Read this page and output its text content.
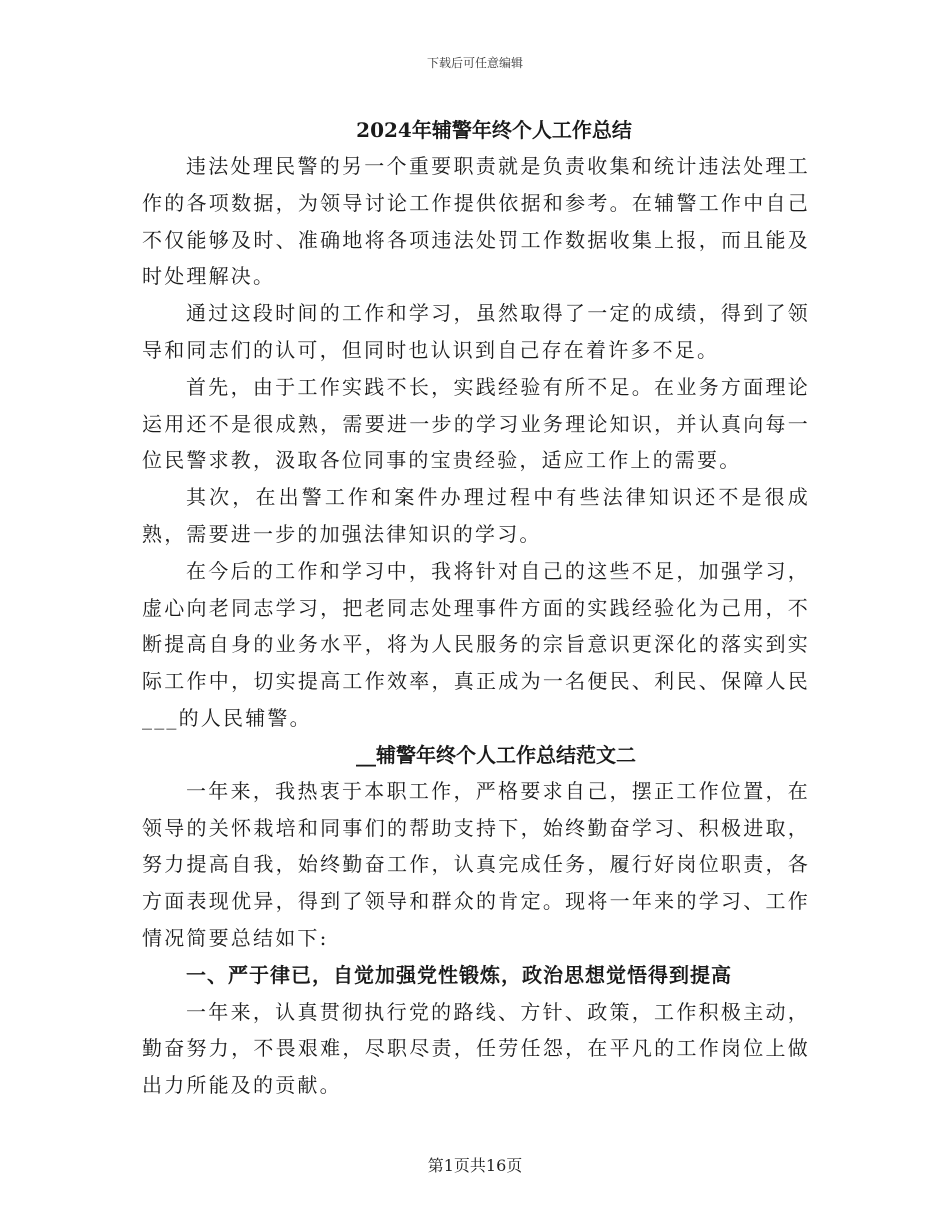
下载后可任意编辑
2024年辅警年终个人工作总结

违法处理民警的另一个重要职责就是负责收集和统计违法处理工作的各项数据，为领导讨论工作提供依据和参考。在辅警工作中自己不仅能够及时、准确地将各项违法处罚工作数据收集上报，而且能及时处理解决。

通过这段时间的工作和学习，虽然取得了一定的成绩，得到了领导和同志们的认可，但同时也认识到自己存在着许多不足。

首先，由于工作实践不长，实践经验有所不足。在业务方面理论运用还不是很成熟，需要进一步的学习业务理论知识，并认真向每一位民警求教，汲取各位同事的宝贵经验，适应工作上的需要。

其次，在出警工作和案件办理过程中有些法律知识还不是很成熟，需要进一步的加强法律知识的学习。

在今后的工作和学习中，我将针对自己的这些不足，加强学习，虚心向老同志学习，把老同志处理事件方面的实践经验化为己用，不断提高自身的业务水平，将为人民服务的宗旨意识更深化的落实到实际工作中，切实提高工作效率，真正成为一名便民、利民、保障人民___的人民辅警。

__辅警年终个人工作总结范文二

一年来，我热衷于本职工作，严格要求自己，摆正工作位置，在领导的关怀栽培和同事们的帮助支持下，始终勤奋学习、积极进取，努力提高自我，始终勤奋工作，认真完成任务，履行好岗位职责，各方面表现优异，得到了领导和群众的肯定。现将一年来的学习、工作情况简要总结如下:

一、严于律已，自觉加强党性锻炼，政治思想觉悟得到提高

一年来，认真贯彻执行党的路线、方针、政策，工作积极主动，勤奋努力，不畏艰难，尽职尽责，任劳任怨，在平凡的工作岗位上做出力所能及的贡献。

第1页共16页
